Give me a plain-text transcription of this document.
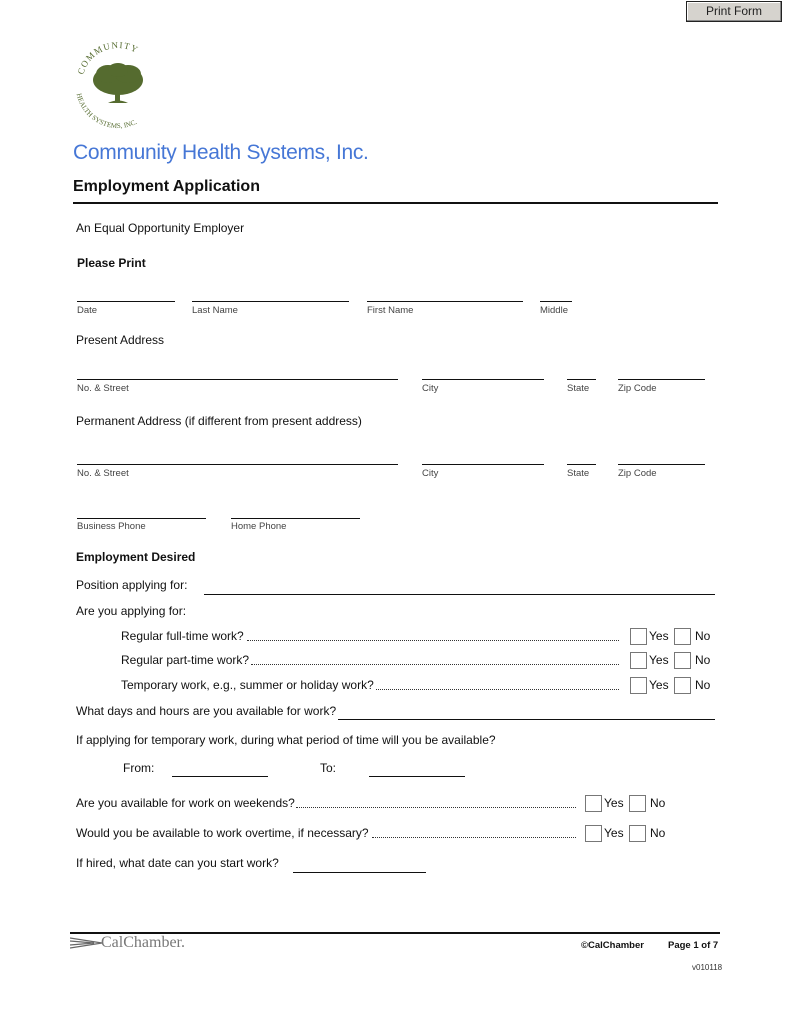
Print Form
COMMUNITY
HEALTH SYSTEMS, INC.
Community Health Systems, Inc.
Employment Application
An Equal Opportunity Employer
Please Print
Date	Last Name	First Name	Middle
Present Address
No. & Street	City	State	Zip Code
Permanent Address (if different from present address)
No. & Street	City	State	Zip Code
Business Phone	Home Phone
Employment Desired
Position applying for:
Are you applying for:
Regular full-time work?	Yes No
Regular part-time work?	Yes No
Temporary work, e.g., summer or holiday work?	Yes No
What days and hours are you available for work?
If applying for temporary work, during what period of time will you be available?
From:	To:
Are you available for work on weekends?	Yes No
Would you be available to work overtime, if necessary?	Yes No
If hired, what date can you start work?
CalChamber.	©CalChamber	Page 1 of 7
v010118
